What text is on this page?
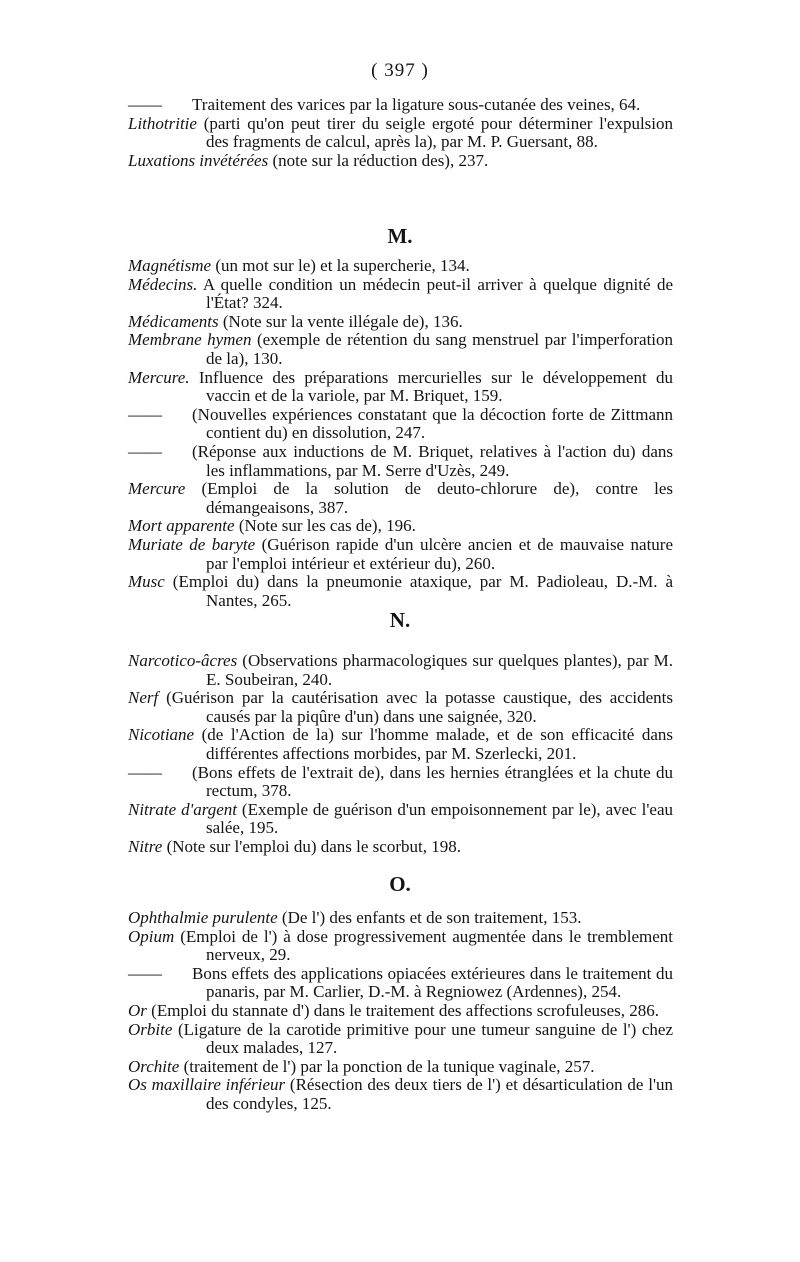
( 397 )
—— Traitement des varices par la ligature sous-cutanée des veines, 64.
Lithotritie (parti qu'on peut tirer du seigle ergoté pour déterminer l'expulsion des fragments de calcul, après la), par M. P. Guersant, 88.
Luxations invétérées (note sur la réduction des), 237.
M.
Magnétisme (un mot sur le) et la supercherie, 134.
Médecins. A quelle condition un médecin peut-il arriver à quelque dignité de l'État? 324.
Médicaments (Note sur la vente illégale de), 136.
Membrane hymen (exemple de rétention du sang menstruel par l'imperforation de la), 130.
Mercure. Influence des préparations mercurielles sur le développement du vaccin et de la variole, par M. Briquet, 159.
—— (Nouvelles expériences constatant que la décoction forte de Zittmann contient du) en dissolution, 247.
—— (Réponse aux inductions de M. Briquet, relatives à l'action du) dans les inflammations, par M. Serre d'Uzès, 249.
Mercure (Emploi de la solution de deuto-chlorure de), contre les démangeaisons, 387.
Mort apparente (Note sur les cas de), 196.
Muriate de baryte (Guérison rapide d'un ulcère ancien et de mauvaise nature par l'emploi intérieur et extérieur du), 260.
Musc (Emploi du) dans la pneumonie ataxique, par M. Padioleau, D.-M. à Nantes, 265.
N.
Narcotico-âcres (Observations pharmacologiques sur quelques plantes), par M. E. Soubeiran, 240.
Nerf (Guérison par la cautérisation avec la potasse caustique, des accidents causés par la piqûre d'un) dans une saignée, 320.
Nicotiane (de l'Action de la) sur l'homme malade, et de son efficacité dans différentes affections morbides, par M. Szerlecki, 201.
—— (Bons effets de l'extrait de), dans les hernies étranglées et la chute du rectum, 378.
Nitrate d'argent (Exemple de guérison d'un empoisonnement par le), avec l'eau salée, 195.
Nitre (Note sur l'emploi du) dans le scorbut, 198.
O.
Ophthalmie purulente (De l') des enfants et de son traitement, 153.
Opium (Emploi de l') à dose progressivement augmentée dans le tremblement nerveux, 29.
—— Bons effets des applications opiacées extérieures dans le traitement du panaris, par M. Carlier, D.-M. à Regniowez (Ardennes), 254.
Or (Emploi du stannate d') dans le traitement des affections scrofuleuses, 286.
Orbite (Ligature de la carotide primitive pour une tumeur sanguine de l') chez deux malades, 127.
Orchite (traitement de l') par la ponction de la tunique vaginale, 257.
Os maxillaire inférieur (Résection des deux tiers de l') et désarticulation de l'un des condyles, 125.
